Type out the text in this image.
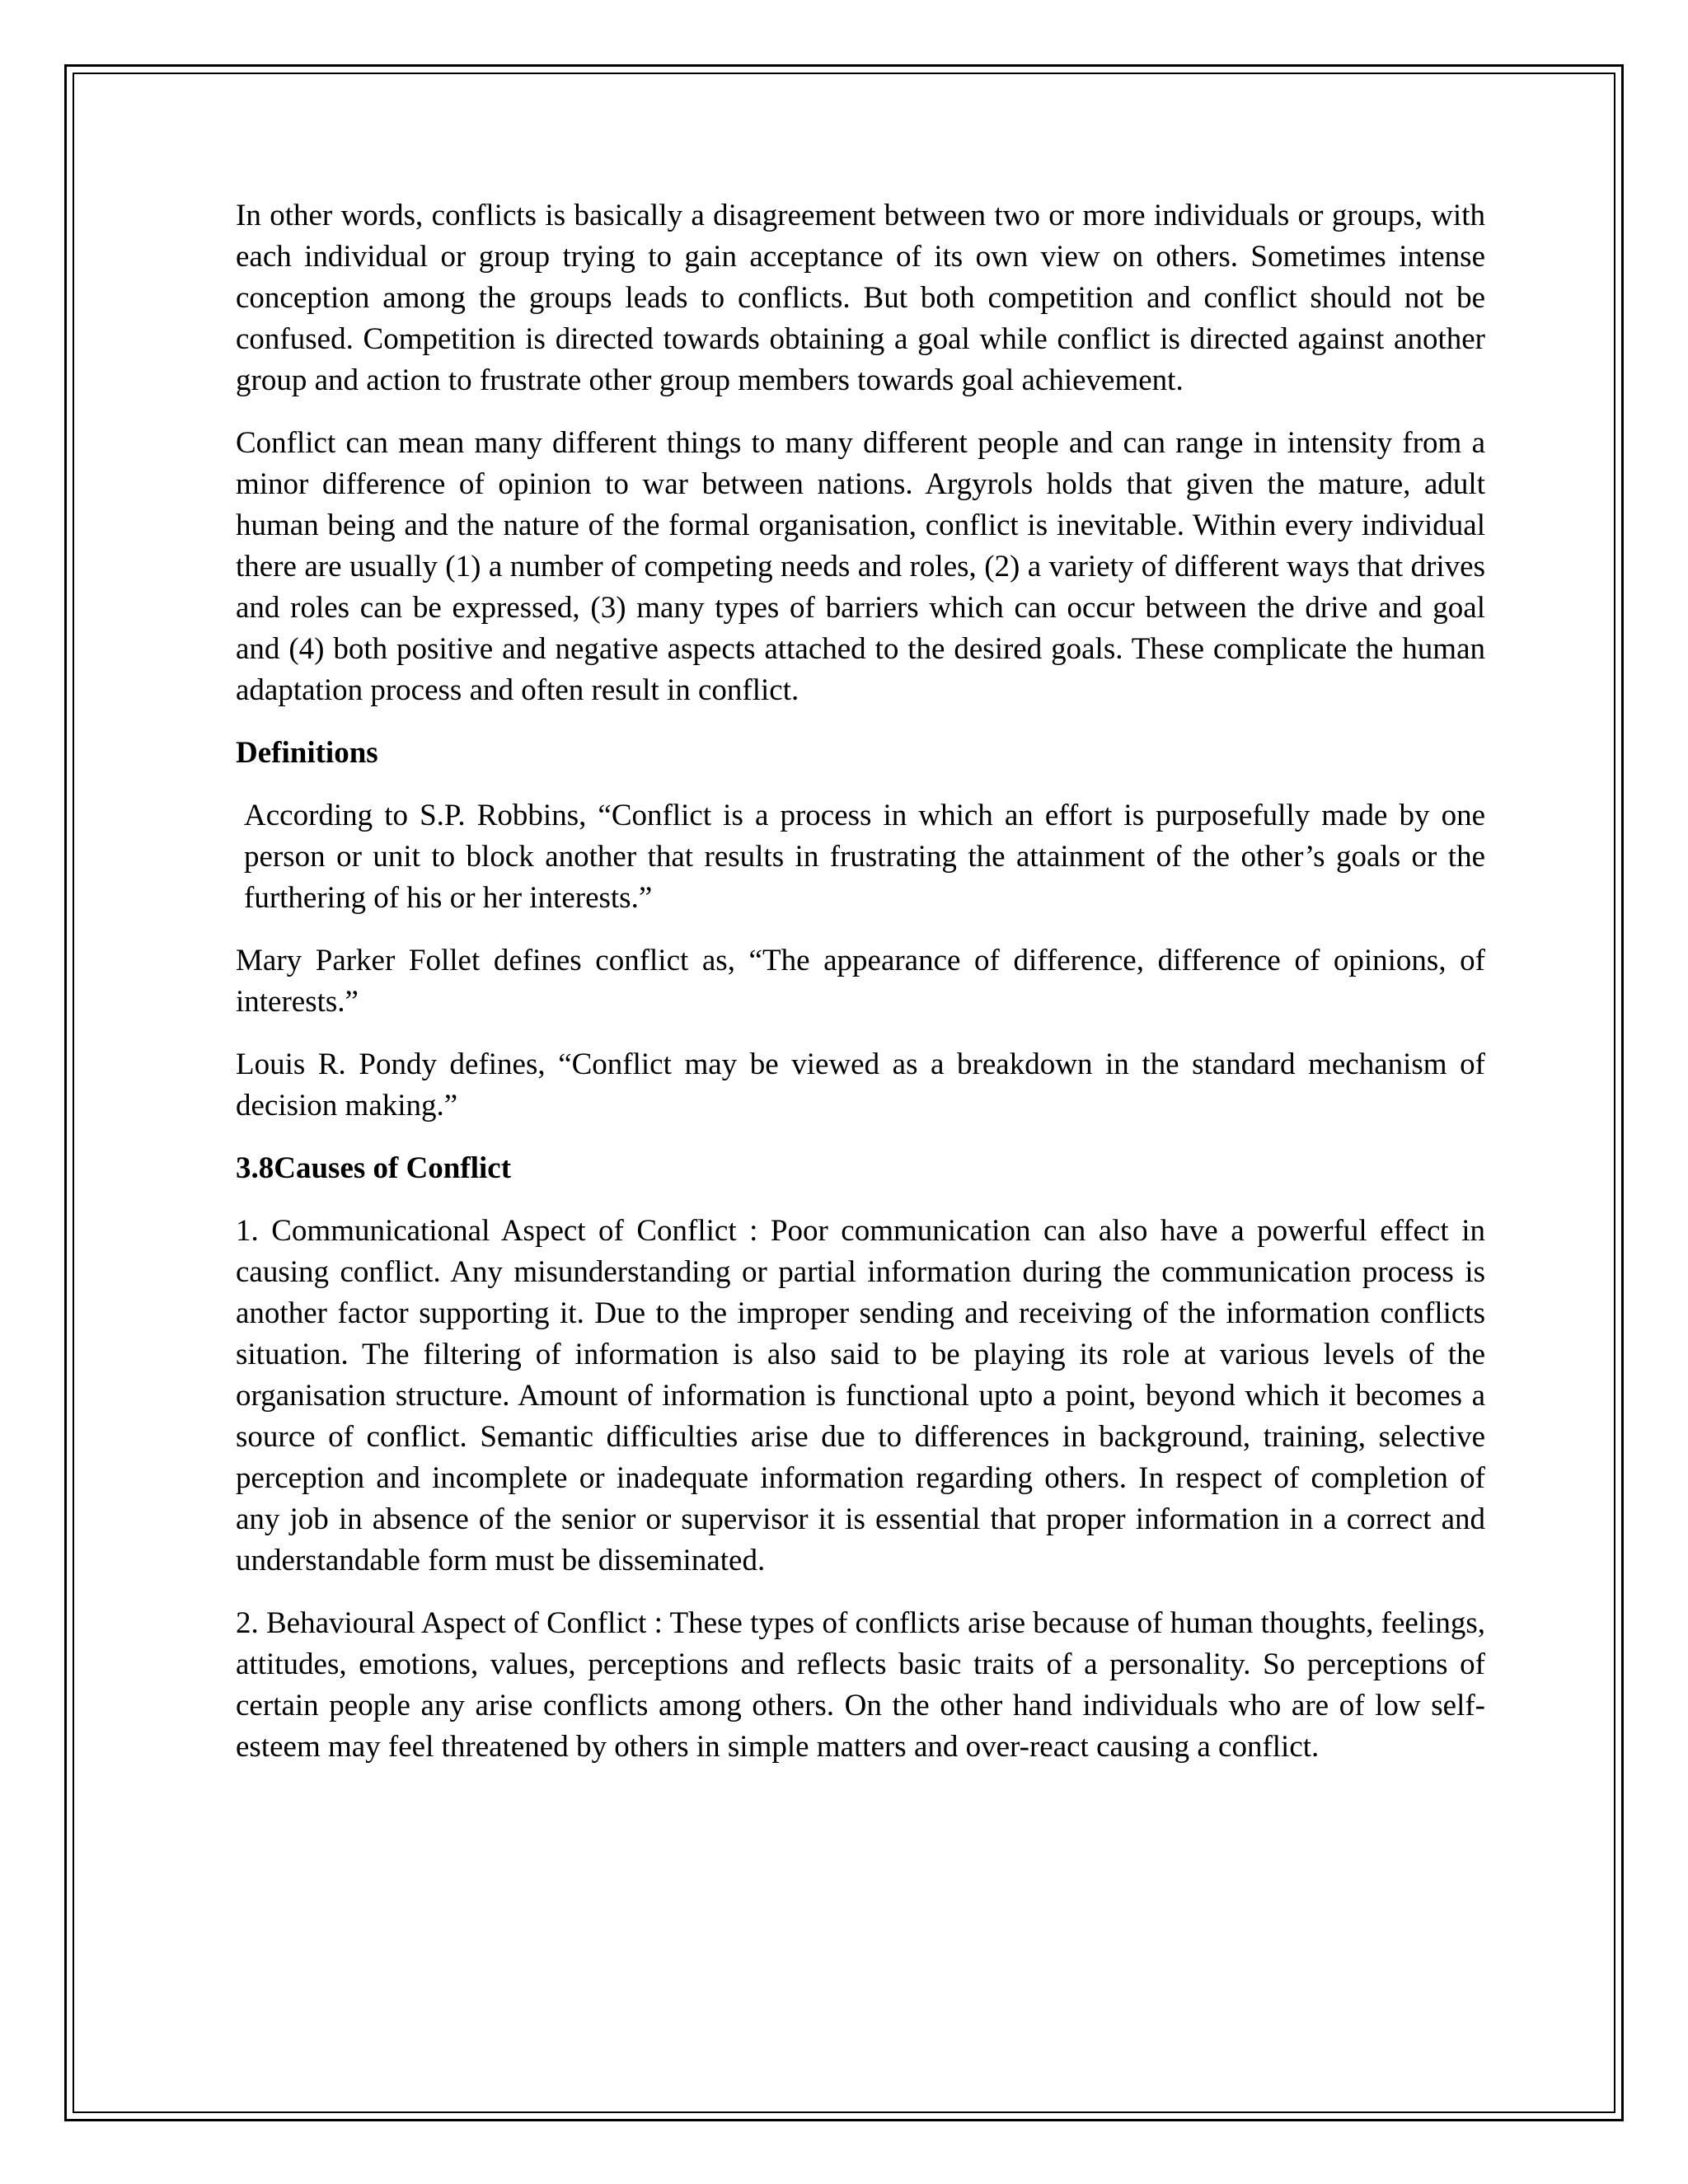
In other words, conflicts is basically a disagreement between two or more individuals or groups, with each individual or group trying to gain acceptance of its own view on others. Sometimes intense conception among the groups leads to conflicts. But both competition and conflict should not be confused. Competition is directed towards obtaining a goal while conflict is directed against another group and action to frustrate other group members towards goal achievement.

Conflict can mean many different things to many different people and can range in intensity from a minor difference of opinion to war between nations. Argyrols holds that given the mature, adult human being and the nature of the formal organisation, conflict is inevitable. Within every individual there are usually (1) a number of competing needs and roles, (2) a variety of different ways that drives and roles can be expressed, (3) many types of barriers which can occur between the drive and goal and (4) both positive and negative aspects attached to the desired goals. These complicate the human adaptation process and often result in conflict.

Definitions

According to S.P. Robbins, “Conflict is a process in which an effort is purposefully made by one person or unit to block another that results in frustrating the attainment of the other’s goals or the furthering of his or her interests.”

Mary Parker Follet defines conflict as, “The appearance of difference, difference of opinions, of interests.”

Louis R. Pondy defines, “Conflict may be viewed as a breakdown in the standard mechanism of decision making.”

3.8Causes of Conflict

1. Communicational Aspect of Conflict : Poor communication can also have a powerful effect in causing conflict. Any misunderstanding or partial information during the communication process is another factor supporting it. Due to the improper sending and receiving of the information conflicts situation. The filtering of information is also said to be playing its role at various levels of the organisation structure. Amount of information is functional upto a point, beyond which it becomes a source of conflict. Semantic difficulties arise due to differences in background, training, selective perception and incomplete or inadequate information regarding others. In respect of completion of any job in absence of the senior or supervisor it is essential that proper information in a correct and understandable form must be disseminated.

2. Behavioural Aspect of Conflict : These types of conflicts arise because of human thoughts, feelings, attitudes, emotions, values, perceptions and reflects basic traits of a personality. So perceptions of certain people any arise conflicts among others. On the other hand individuals who are of low self-esteem may feel threatened by others in simple matters and over-react causing a conflict.
